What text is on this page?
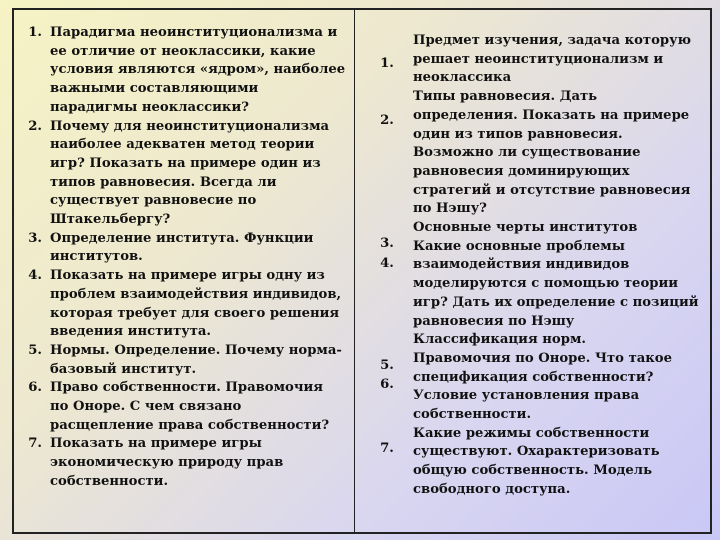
1. Парадигма неоинституционализма и ее отличие от неоклассики, какие условия являются «ядром», наиболее важными составляющими парадигмы неоклассики?
2. Почему для неоинституционализма наиболее адекватен метод теории игр? Показать на примере один из типов равновесия. Всегда ли существует равновесие по Штакельбергу?
3. Определение института. Функции институтов.
4. Показать на примере игры одну из проблем взаимодействия индивидов, которая требует для своего решения введения института.
5. Нормы. Определение. Почему норма-базовый институт.
6. Право собственности. Правомочия по Оноре. С чем связано расщепление права собственности?
7. Показать на примере игры экономическую природу прав собственности.
1.
2.
3.
4.
5.
6.
7.
Предмет изучения, задача которую решает неоинституционализм и неоклассика
Типы равновесия. Дать определения. Показать на примере один из типов равновесия. Возможно ли существование равновесия доминирующих стратегий и отсутствие равновесия по Нэшу?
Основные черты институтов
Какие основные проблемы взаимодействия индивидов моделируются с помощью теории игр? Дать их определение с позиций равновесия по Нэшу
Классификация норм.
Правомочия по Оноре. Что такое спецификация собственности? Условие установления права собственности.
Какие режимы собственности существуют. Охарактеризовать общую собственность. Модель свободного доступа.
